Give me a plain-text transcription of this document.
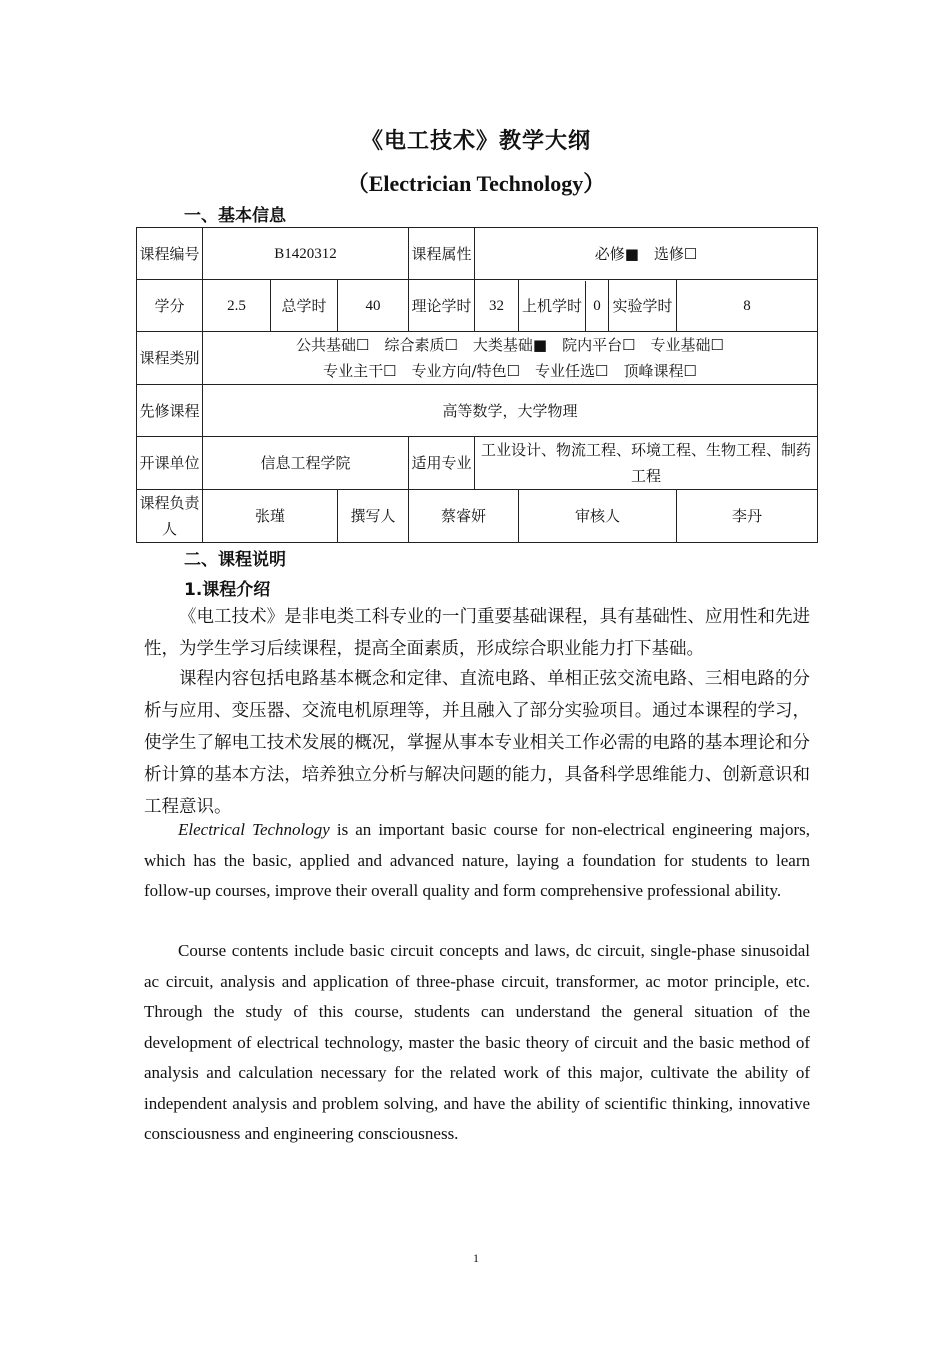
《电工技术》教学大纲
（Electrician Technology）
一、基本信息
课程编号	B1420312			课程属性	必修■　选修☐			
学分	2.5	总学时	40	理论学时	32	上机学时 0	实验学时	8
课程类别	公共基础☐　综合素质☐　大类基础■　院内平台☐　专业基础☐
专业主干☐　专业方向/特色☐　专业任选☐　顶峰课程☐							

先修课程	高等数学，大学物理							
开课单位	信息工程学院			适用专业	工业设计、物流工程、环境工程、生物工程、制药工程			
课程负责人	张瑾		撰写人	蔡睿妍		审核人		李丹
二、课程说明
1.课程介绍

《电工技术》是非电类工科专业的一门重要基础课程，具有基础性、应用性和先进性，为学生学习后续课程，提高全面素质，形成综合职业能力打下基础。

课程内容包括电路基本概念和定律、直流电路、单相正弦交流电路、三相电路的分析与应用、变压器、交流电机原理等，并且融入了部分实验项目。通过本课程的学习，使学生了解电工技术发展的概况，掌握从事本专业相关工作必需的电路的基本理论和分析计算的基本方法，培养独立分析与解决问题的能力，具备科学思维能力、创新意识和工程意识。

Electrical Technology is an important basic course for non-electrical engineering majors, which has the basic, applied and advanced nature, laying a foundation for students to learn follow-up courses, improve their overall quality and form comprehensive professional ability.

Course contents include basic circuit concepts and laws, dc circuit, single-phase sinusoidal ac circuit, analysis and application of three-phase circuit, transformer, ac motor principle, etc. Through the study of this course, students can understand the general situation of the development of electrical technology, master the basic theory of circuit and the basic method of analysis and calculation necessary for the related work of this major, cultivate the ability of independent analysis and problem solving, and have the ability of scientific thinking, innovative consciousness and engineering consciousness.

1
